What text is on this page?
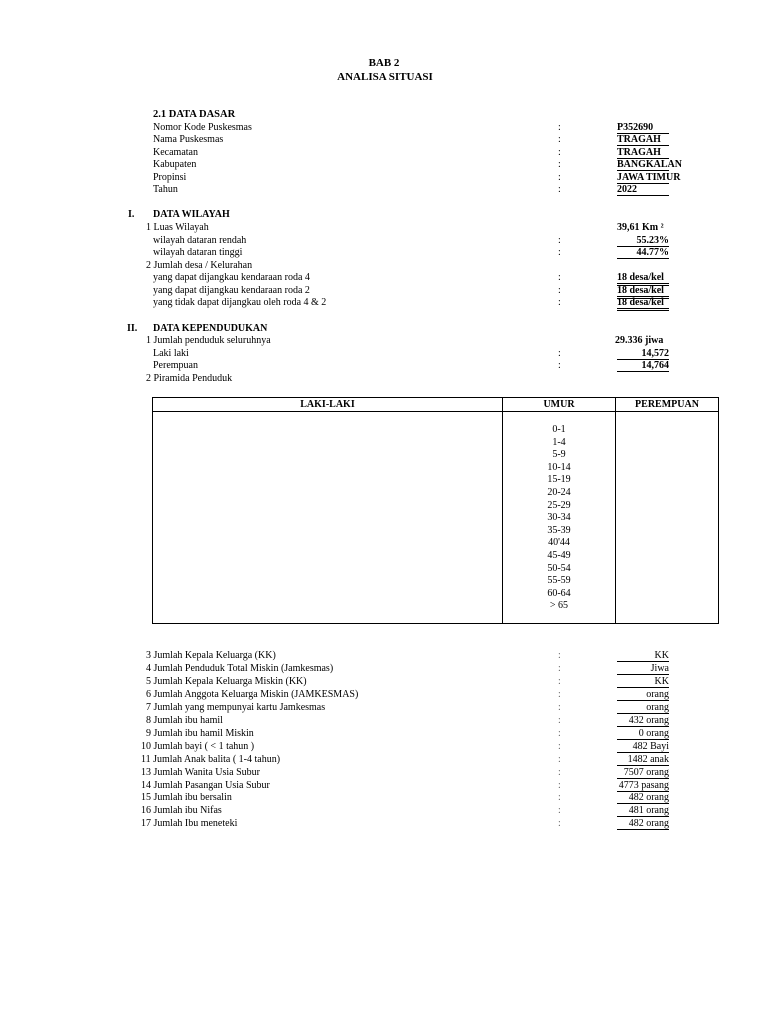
BAB 2
ANALISA SITUASI
2.1 DATA DASAR
Nomor Kode Puskesmas	:	P352690
Nama Puskesmas	:	TRAGAH
Kecamatan	:	TRAGAH
Kabupaten	:	BANGKALAN
Propinsi	:	JAWA TIMUR
Tahun	:	2022
I. DATA WILAYAH
1 Luas Wilayah	39,61 Km ²
wilayah dataran rendah	:	55.23%
wilayah dataran tinggi	:	44.77%
2 Jumlah desa / Kelurahan
yang dapat dijangkau kendaraan roda 4	:	18 desa/kel
yang dapat dijangkau kendaraan roda 2	:	18 desa/kel
yang tidak dapat dijangkau oleh roda 4 & 2	:	18 desa/kel
II. DATA KEPENDUDUKAN
1 Jumlah penduduk seluruhnya	29.336 jiwa
Laki laki	:	14,572
Perempuan	:	14,764
2 Piramida Penduduk
LAKI-LAKI	UMUR	PEREMPUAN
0-1
1-4
5-9
10-14
15-19
20-24
25-29
30-34
35-39
40'44
45-49
50-54
55-59
60-64
> 65
3 Jumlah Kepala Keluarga (KK)	:	KK
4 Jumlah Penduduk Total Miskin (Jamkesmas)	:	Jiwa
5 Jumlah Kepala Keluarga Miskin (KK)	:	KK
6 Jumlah Anggota Keluarga Miskin (JAMKESMAS)	:	orang
7 Jumlah yang mempunyai kartu Jamkesmas	:	orang
8 Jumlah ibu hamil	:	432 orang
9 Jumlah ibu hamil Miskin	:	0 orang
10 Jumlah bayi ( < 1 tahun )	:	482 Bayi
11 Jumlah Anak balita ( 1-4 tahun)	:	1482 anak
13 Jumlah Wanita Usia Subur	:	7507 orang
14 Jumlah Pasangan Usia Subur	:	4773 pasang
15 Jumlah ibu bersalin	:	482 orang
16 Jumlah ibu Nifas	:	481 orang
17 Jumlah Ibu meneteki	:	482 orang
